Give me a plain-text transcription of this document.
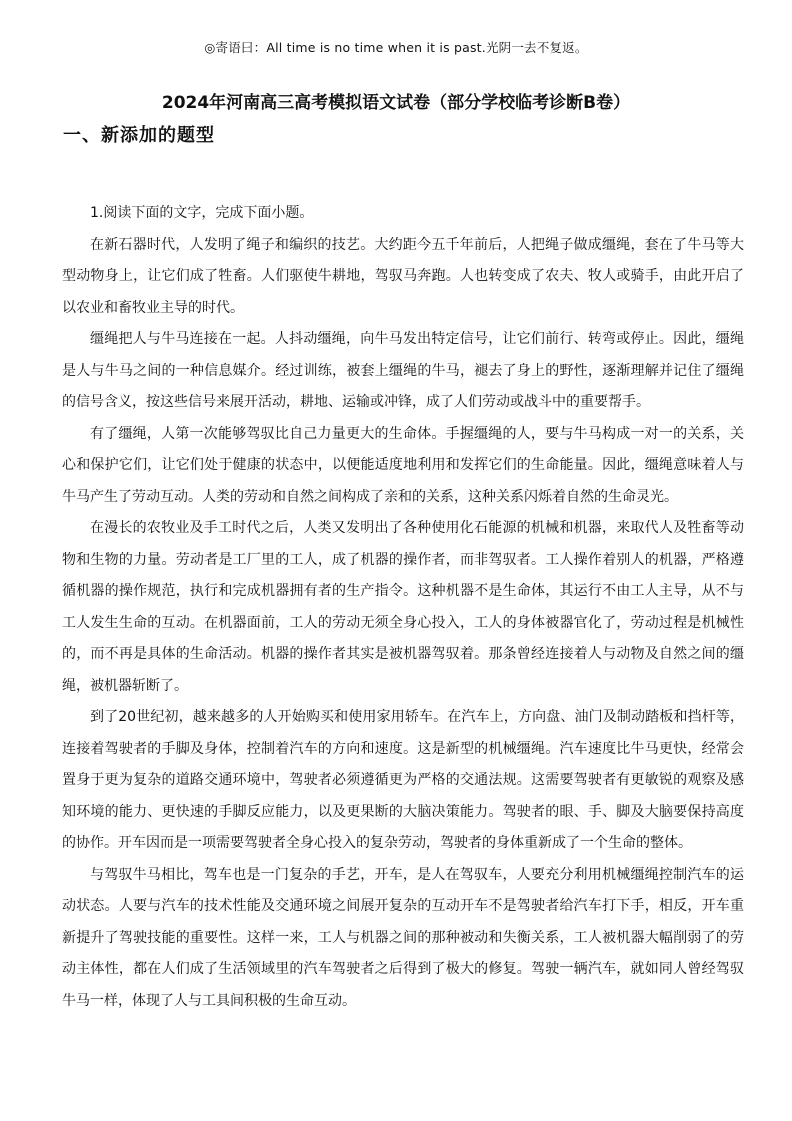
◎寄语曰：All time is no time when it is past.光阴一去不复返。
2024年河南高三高考模拟语文试卷（部分学校临考诊断B卷）
一、新添加的题型

1.阅读下面的文字，完成下面小题。

在新石器时代，人发明了绳子和编织的技艺。大约距今五千年前后，人把绳子做成缰绳，套在了牛马等大型动物身上，让它们成了牲畜。人们驱使牛耕地，驾驭马奔跑。人也转变成了农夫、牧人或骑手，由此开启了以农业和畜牧业主导的时代。

缰绳把人与牛马连接在一起。人抖动缰绳，向牛马发出特定信号，让它们前行、转弯或停止。因此，缰绳是人与牛马之间的一种信息媒介。经过训练，被套上缰绳的牛马，褪去了身上的野性，逐渐理解并记住了缰绳的信号含义，按这些信号来展开活动，耕地、运输或冲锋，成了人们劳动或战斗中的重要帮手。

有了缰绳，人第一次能够驾驭比自己力量更大的生命体。手握缰绳的人，要与牛马构成一对一的关系，关心和保护它们，让它们处于健康的状态中，以便能适度地利用和发挥它们的生命能量。因此，缰绳意味着人与牛马产生了劳动互动。人类的劳动和自然之间构成了亲和的关系，这种关系闪烁着自然的生命灵光。

在漫长的农牧业及手工时代之后，人类又发明出了各种使用化石能源的机械和机器，来取代人及牲畜等动物和生物的力量。劳动者是工厂里的工人，成了机器的操作者，而非驾驭者。工人操作着别人的机器，严格遵循机器的操作规范，执行和完成机器拥有者的生产指令。这种机器不是生命体，其运行不由工人主导，从不与工人发生生命的互动。在机器面前，工人的劳动无须全身心投入，工人的身体被器官化了，劳动过程是机械性的，而不再是具体的生命活动。机器的操作者其实是被机器驾驭着。那条曾经连接着人与动物及自然之间的缰绳，被机器斩断了。

到了20世纪初，越来越多的人开始购买和使用家用轿车。在汽车上，方向盘、油门及制动踏板和挡杆等，连接着驾驶者的手脚及身体，控制着汽车的方向和速度。这是新型的机械缰绳。汽车速度比牛马更快，经常会置身于更为复杂的道路交通环境中，驾驶者必须遵循更为严格的交通法规。这需要驾驶者有更敏锐的观察及感知环境的能力、更快速的手脚反应能力，以及更果断的大脑决策能力。驾驶者的眼、手、脚及大脑要保持高度的协作。开车因而是一项需要驾驶者全身心投入的复杂劳动，驾驶者的身体重新成了一个生命的整体。

与驾驭牛马相比，驾车也是一门复杂的手艺，开车，是人在驾驭车，人要充分利用机械缰绳控制汽车的运动状态。人要与汽车的技术性能及交通环境之间展开复杂的互动开车不是驾驶者给汽车打下手，相反，开车重新提升了驾驶技能的重要性。这样一来，工人与机器之间的那种被动和失衡关系，工人被机器大幅削弱了的劳动主体性，都在人们成了生活领域里的汽车驾驶者之后得到了极大的修复。驾驶一辆汽车，就如同人曾经驾驭牛马一样，体现了人与工具间积极的生命互动。
